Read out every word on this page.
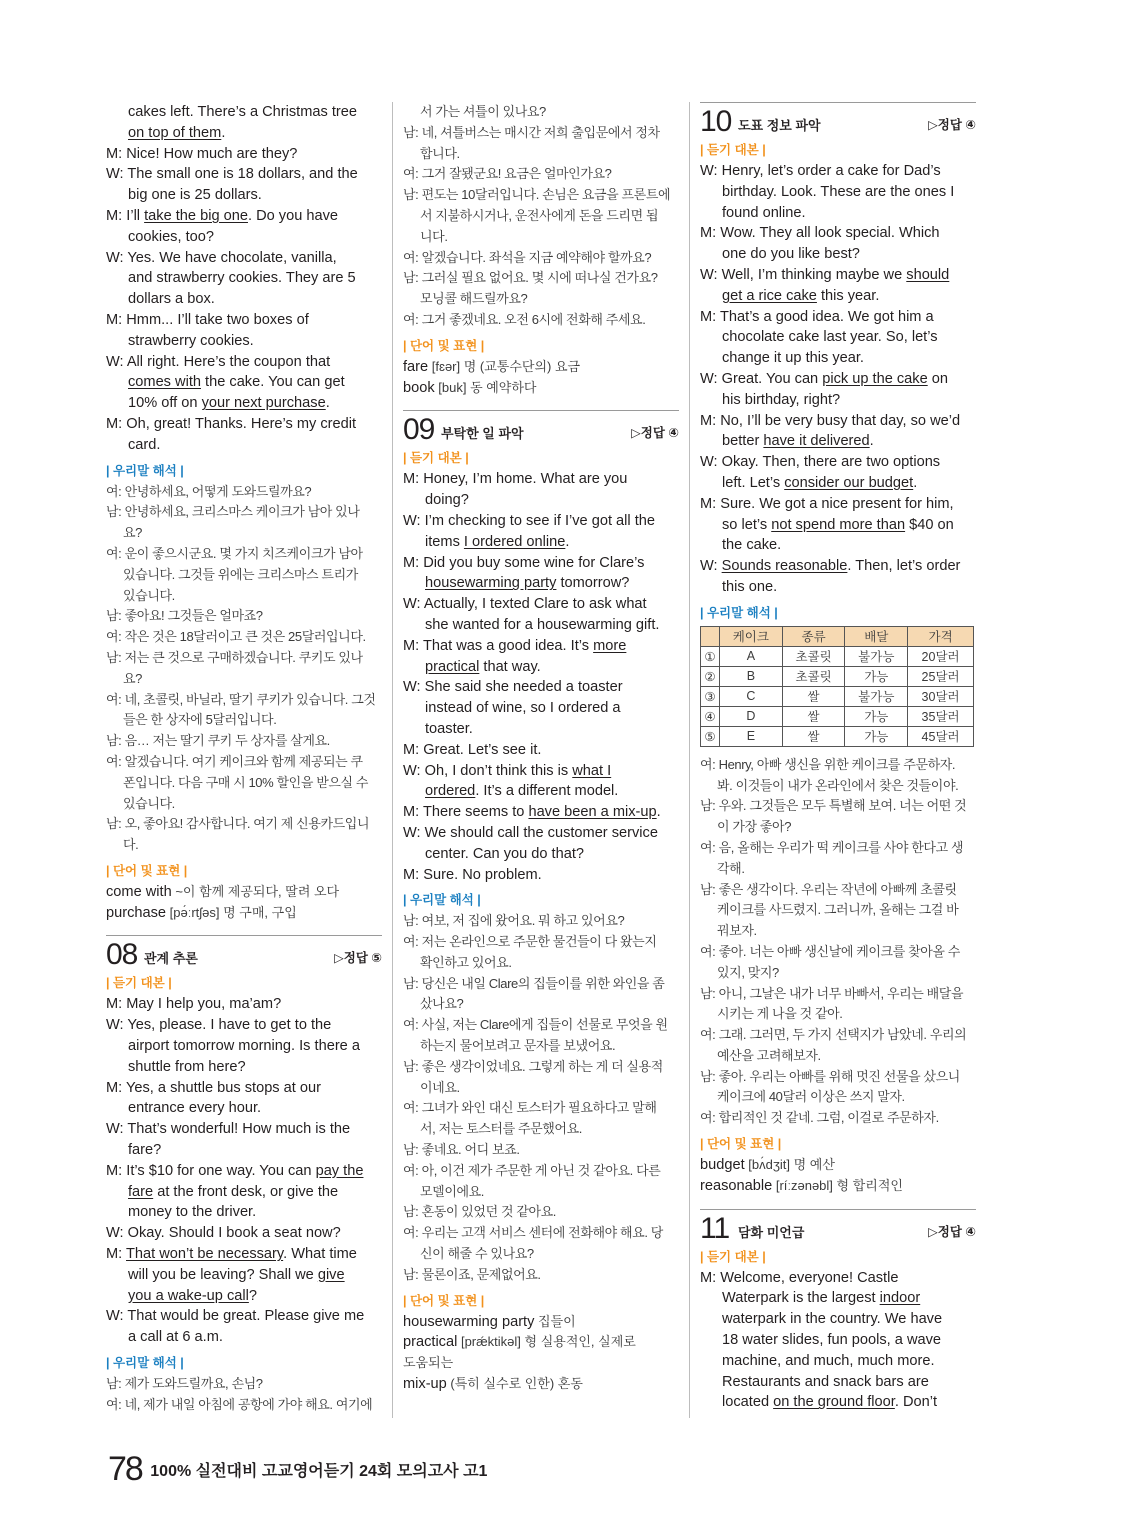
cakes left. There’s a Christmas tree
on top of them.
M: Nice! How much are they?
W: The small one is 18 dollars, and the
big one is 25 dollars.
M: I’ll take the big one. Do you have
cookies, too?
W: Yes. We have chocolate, vanilla,
and strawberry cookies. They are 5
dollars a box.
M: Hmm... I’ll take two boxes of
strawberry cookies.
W: All right. Here’s the coupon that
comes with the cake. You can get
10% off on your next purchase.
M: Oh, great! Thanks. Here’s my credit
card.
| 우리말 해석 |
여: 안녕하세요, 어떻게 도와드릴까요?
남: 안녕하세요, 크리스마스 케이크가 남아 있나
요?
여: 운이 좋으시군요. 몇 가지 치즈케이크가 남아
있습니다. 그것들 위에는 크리스마스 트리가
있습니다.
남: 좋아요! 그것들은 얼마죠?
여: 작은 것은 18달러이고 큰 것은 25달러입니다.
남: 저는 큰 것으로 구매하겠습니다. 쿠키도 있나
요?
여: 네, 초콜릿, 바닐라, 딸기 쿠키가 있습니다. 그것
들은 한 상자에 5달러입니다.
남: 음… 저는 딸기 쿠키 두 상자를 살게요.
여: 알겠습니다. 여기 케이크와 함께 제공되는 쿠
폰입니다. 다음 구매 시 10% 할인을 받으실 수
있습니다.
남: 오, 좋아요! 감사합니다. 여기 제 신용카드입니
다.
| 단어 및 표현 |
come with ~이 함께 제공되다, 딸려 오다
purchase [pə́ːrtʃəs] 명 구매, 구입
08 관계 추론	▷정답 ⑤
| 듣기 대본 |
M: May I help you, ma’am?
W: Yes, please. I have to get to the
airport tomorrow morning. Is there a
shuttle from here?
M: Yes, a shuttle bus stops at our
entrance every hour.
W: That’s wonderful! How much is the
fare?
M: It’s $10 for one way. You can pay the
fare at the front desk, or give the
money to the driver.
W: Okay. Should I book a seat now?
M: That won’t be necessary. What time
will you be leaving? Shall we give
you a wake-up call?
W: That would be great. Please give me
a call at 6 a.m.
| 우리말 해석 |
남: 제가 도와드릴까요, 손님?
여: 네, 제가 내일 아침에 공항에 가야 해요. 여기에
서 가는 셔틀이 있나요?
남: 네, 셔틀버스는 매시간 저희 출입문에서 정차
합니다.
여: 그거 잘됐군요! 요금은 얼마인가요?
남: 편도는 10달러입니다. 손님은 요금을 프론트에
서 지불하시거나, 운전사에게 돈을 드리면 됩
니다.
여: 알겠습니다. 좌석을 지금 예약해야 할까요?
남: 그러실 필요 없어요. 몇 시에 떠나실 건가요?
모닝콜 해드릴까요?
여: 그거 좋겠네요. 오전 6시에 전화해 주세요.
| 단어 및 표현 |
fare [fɛər] 명 (교통수단의) 요금
book [buk] 동 예약하다
09 부탁한 일 파악	▷정답 ④
| 듣기 대본 |
M: Honey, I’m home. What are you
doing?
W: I’m checking to see if I’ve got all the
items I ordered online.
M: Did you buy some wine for Clare’s
housewarming party tomorrow?
W: Actually, I texted Clare to ask what
she wanted for a housewarming gift.
M: That was a good idea. It’s more
practical that way.
W: She said she needed a toaster
instead of wine, so I ordered a
toaster.
M: Great. Let’s see it.
W: Oh, I don’t think this is what I
ordered. It’s a different model.
M: There seems to have been a mix-up.
W: We should call the customer service
center. Can you do that?
M: Sure. No problem.
| 우리말 해석 |
남: 여보, 저 집에 왔어요. 뭐 하고 있어요?
여: 저는 온라인으로 주문한 물건들이 다 왔는지
확인하고 있어요.
남: 당신은 내일 Clare의 집들이를 위한 와인을 좀
샀나요?
여: 사실, 저는 Clare에게 집들이 선물로 무엇을 원
하는지 물어보려고 문자를 보냈어요.
남: 좋은 생각이었네요. 그렇게 하는 게 더 실용적
이네요.
여: 그녀가 와인 대신 토스터가 필요하다고 말해
서, 저는 토스터를 주문했어요.
남: 좋네요. 어디 보죠.
여: 아, 이건 제가 주문한 게 아닌 것 같아요. 다른
모델이에요.
남: 혼동이 있었던 것 같아요.
여: 우리는 고객 서비스 센터에 전화해야 해요. 당
신이 해줄 수 있나요?
남: 물론이죠, 문제없어요.
| 단어 및 표현 |
housewarming party 집들이
practical [prǽktikəl] 형 실용적인, 실제로
도움되는
mix-up (특히 실수로 인한) 혼동
10 도표 정보 파악	▷정답 ④
| 듣기 대본 |
W: Henry, let’s order a cake for Dad’s
birthday. Look. These are the ones I
found online.
M: Wow. They all look special. Which
one do you like best?
W: Well, I’m thinking maybe we should
get a rice cake this year.
M: That’s a good idea. We got him a
chocolate cake last year. So, let’s
change it up this year.
W: Great. You can pick up the cake on
his birthday, right?
M: No, I’ll be very busy that day, so we’d
better have it delivered.
W: Okay. Then, there are two options
left. Let’s consider our budget.
M: Sure. We got a nice present for him,
so let’s not spend more than $40 on
the cake.
W: Sounds reasonable. Then, let’s order
this one.
| 우리말 해석 |
	케이크	종류	배달	가격
①	A	초콜릿	불가능	20달러
②	B	초콜릿	가능	25달러
③	C	쌀	불가능	30달러
④	D	쌀	가능	35달러
⑤	E	쌀	가능	45달러
여: Henry, 아빠 생신을 위한 케이크를 주문하자.
봐. 이것들이 내가 온라인에서 찾은 것들이야.
남: 우와. 그것들은 모두 특별해 보여. 너는 어떤 것
이 가장 좋아?
여: 음, 올해는 우리가 떡 케이크를 사야 한다고 생
각해.
남: 좋은 생각이다. 우리는 작년에 아빠께 초콜릿
케이크를 사드렸지. 그러니까, 올해는 그걸 바
꿔보자.
여: 좋아. 너는 아빠 생신날에 케이크를 찾아올 수
있지, 맞지?
남: 아니, 그날은 내가 너무 바빠서, 우리는 배달을
시키는 게 나을 것 같아.
여: 그래. 그러면, 두 가지 선택지가 남았네. 우리의
예산을 고려해보자.
남: 좋아. 우리는 아빠를 위해 멋진 선물을 샀으니
케이크에 40달러 이상은 쓰지 말자.
여: 합리적인 것 같네. 그럼, 이걸로 주문하자.
| 단어 및 표현 |
budget [bʌ́dʒit] 명 예산
reasonable [ríːzənəbl] 형 합리적인
11 담화 미언급	▷정답 ④
| 듣기 대본 |
M: Welcome, everyone! Castle
Waterpark is the largest indoor
waterpark in the country. We have
18 water slides, fun pools, a wave
machine, and much, much more.
Restaurants and snack bars are
located on the ground floor. Don’t
78 100% 실전대비 고교영어듣기 24회 모의고사 고1
